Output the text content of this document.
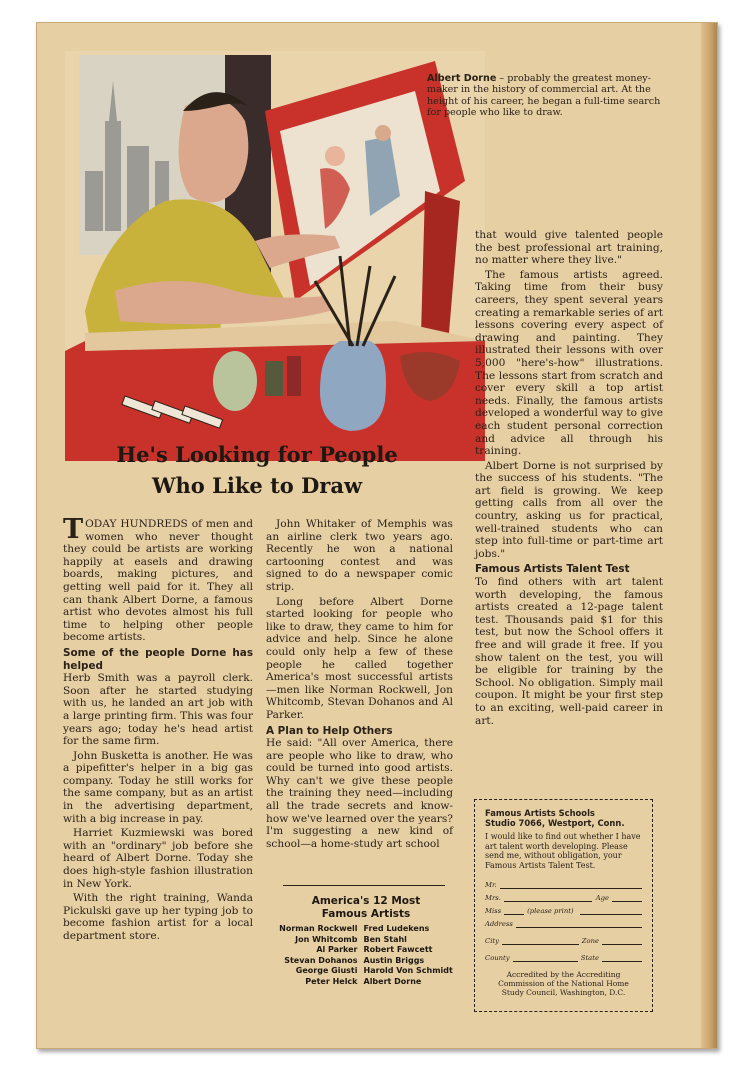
Albert Dorne – probably the greatest money-maker in the history of commercial art. At the height of his career, he began a full-time search for people who like to draw.
He's Looking for People
Who Like to Draw

TODAY HUNDREDS of men and women who never thought they could be artists are working happily at easels and drawing boards, making pictures, and getting well paid for it. They all can thank Albert Dorne, a famous artist who devotes almost his full time to helping other people become artists.

Some of the people Dorne has helped

Herb Smith was a payroll clerk. Soon after he started studying with us, he landed an art job with a large printing firm. This was four years ago; today he's head artist for the same firm.

John Busketta is another. He was a pipefitter's helper in a big gas company. Today he still works for the same company, but as an artist in the advertising department, with a big increase in pay.

Harriet Kuzmiewski was bored with an "ordinary" job before she heard of Albert Dorne. Today she does high-style fashion illustration in New York.

With the right training, Wanda Pickulski gave up her typing job to become fashion artist for a local department store.

John Whitaker of Memphis was an airline clerk two years ago. Recently he won a national cartooning contest and was signed to do a newspaper comic strip.

Long before Albert Dorne started looking for people who like to draw, they came to him for advice and help. Since he alone could only help a few of these people he called together America's most successful artists —men like Norman Rockwell, Jon Whitcomb, Stevan Dohanos and Al Parker.

A Plan to Help Others

He said: "All over America, there are people who like to draw, who could be turned into good artists. Why can't we give these people the training they need—including all the trade secrets and know-how we've learned over the years? I'm suggesting a new kind of school—a home-study art school

America's 12 Most
Famous Artists
Norman Rockwell	Fred Ludekens
Jon Whitcomb	Ben Stahl
Al Parker	Robert Fawcett
Stevan Dohanos	Austin Briggs
George Giusti	Harold Von Schmidt
Peter Helck	Albert Dorne

that would give talented people the best professional art training, no matter where they live."

The famous artists agreed. Taking time from their busy careers, they spent several years creating a remarkable series of art lessons covering every aspect of drawing and painting. They illustrated their lessons with over 5,000 "here's-how" illustrations. The lessons start from scratch and cover every skill a top artist needs. Finally, the famous artists developed a wonderful way to give each student personal correction and advice all through his training.

Albert Dorne is not surprised by the success of his students. "The art field is growing. We keep getting calls from all over the country, asking us for practical, well-trained students who can step into full-time or part-time art jobs."

Famous Artists Talent Test

To find others with art talent worth developing, the famous artists created a 12-page talent test. Thousands paid $1 for this test, but now the School offers it free and will grade it free. If you show talent on the test, you will be eligible for training by the School. No obligation. Simply mail coupon. It might be your first step to an exciting, well-paid career in art.

Famous Artists Schools
Studio 7066, Westport, Conn.
I would like to find out whether I have art talent worth developing. Please send me, without obligation, your Famous Artists Talent Test.
Mr.
Mrs.	Age
Miss	(please print)
Address
City	Zone
County	State
Accredited by the Accrediting Commission of the National Home Study Council, Washington, D.C.
